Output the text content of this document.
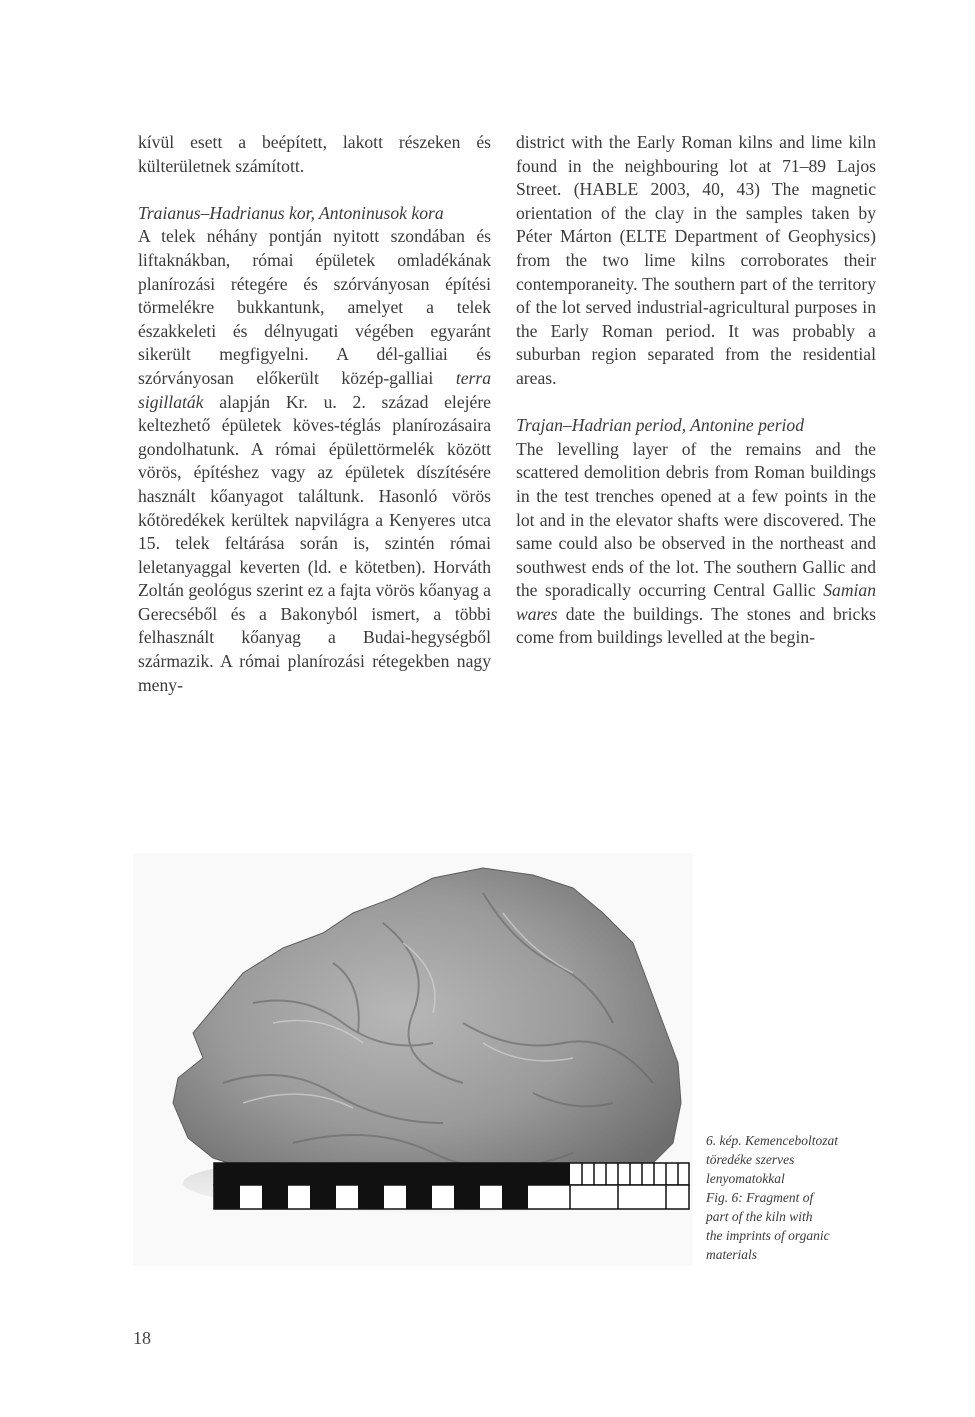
kívül esett a beépített, lakott részeken és külterületnek számított.

Traianus–Hadrianus kor, Antoninusok kora

A telek néhány pontján nyitott szondában és liftaknákban, római épületek omladékának planírozási rétegére és szórványosan építési törmelékre bukkantunk, amelyet a telek északkeleti és délnyugati végében egyaránt sikerült megfigyelni. A dél-galliai és szórványosan előkerült közép-galliai terra sigillaták alapján Kr. u. 2. század elejére keltezhető épületek köves-téglás planírozásaira gondolhatunk. A római épülettörmelék között vörös, építéshez vagy az épületek díszítésére használt kőanyagot találtunk. Hasonló vörös kőtöredékek kerültek napvilágra a Kenyeres utca 15. telek feltárása során is, szintén római leletanyaggal keverten (ld. e kötetben). Horváth Zoltán geológus szerint ez a fajta vörös kőanyag a Gerecséből és a Bakonyból ismert, a többi felhasznált kőanyag a Budai-hegységből származik. A római planírozási rétegekben nagy meny-

district with the Early Roman kilns and lime kiln found in the neighbouring lot at 71–89 Lajos Street. (HABLE 2003, 40, 43) The magnetic orientation of the clay in the samples taken by Péter Márton (ELTE Department of Geophysics) from the two lime kilns corroborates their contemporaneity. The southern part of the territory of the lot served industrial-agricultural purposes in the Early Roman period. It was probably a suburban region separated from the residential areas.

Trajan–Hadrian period, Antonine period

The levelling layer of the remains and the scattered demolition debris from Roman buildings in the test trenches opened at a few points in the lot and in the elevator shafts were discovered. The same could also be observed in the northeast and southwest ends of the lot. The southern Gallic and the sporadically occurring Central Gallic Samian wares date the buildings. The stones and bricks come from buildings levelled at the begin-

6. kép. Kemenceboltozat
töredéke szerves
lenyomatokkal
Fig. 6: Fragment of
part of the kiln with
the imprints of organic
materials
18
